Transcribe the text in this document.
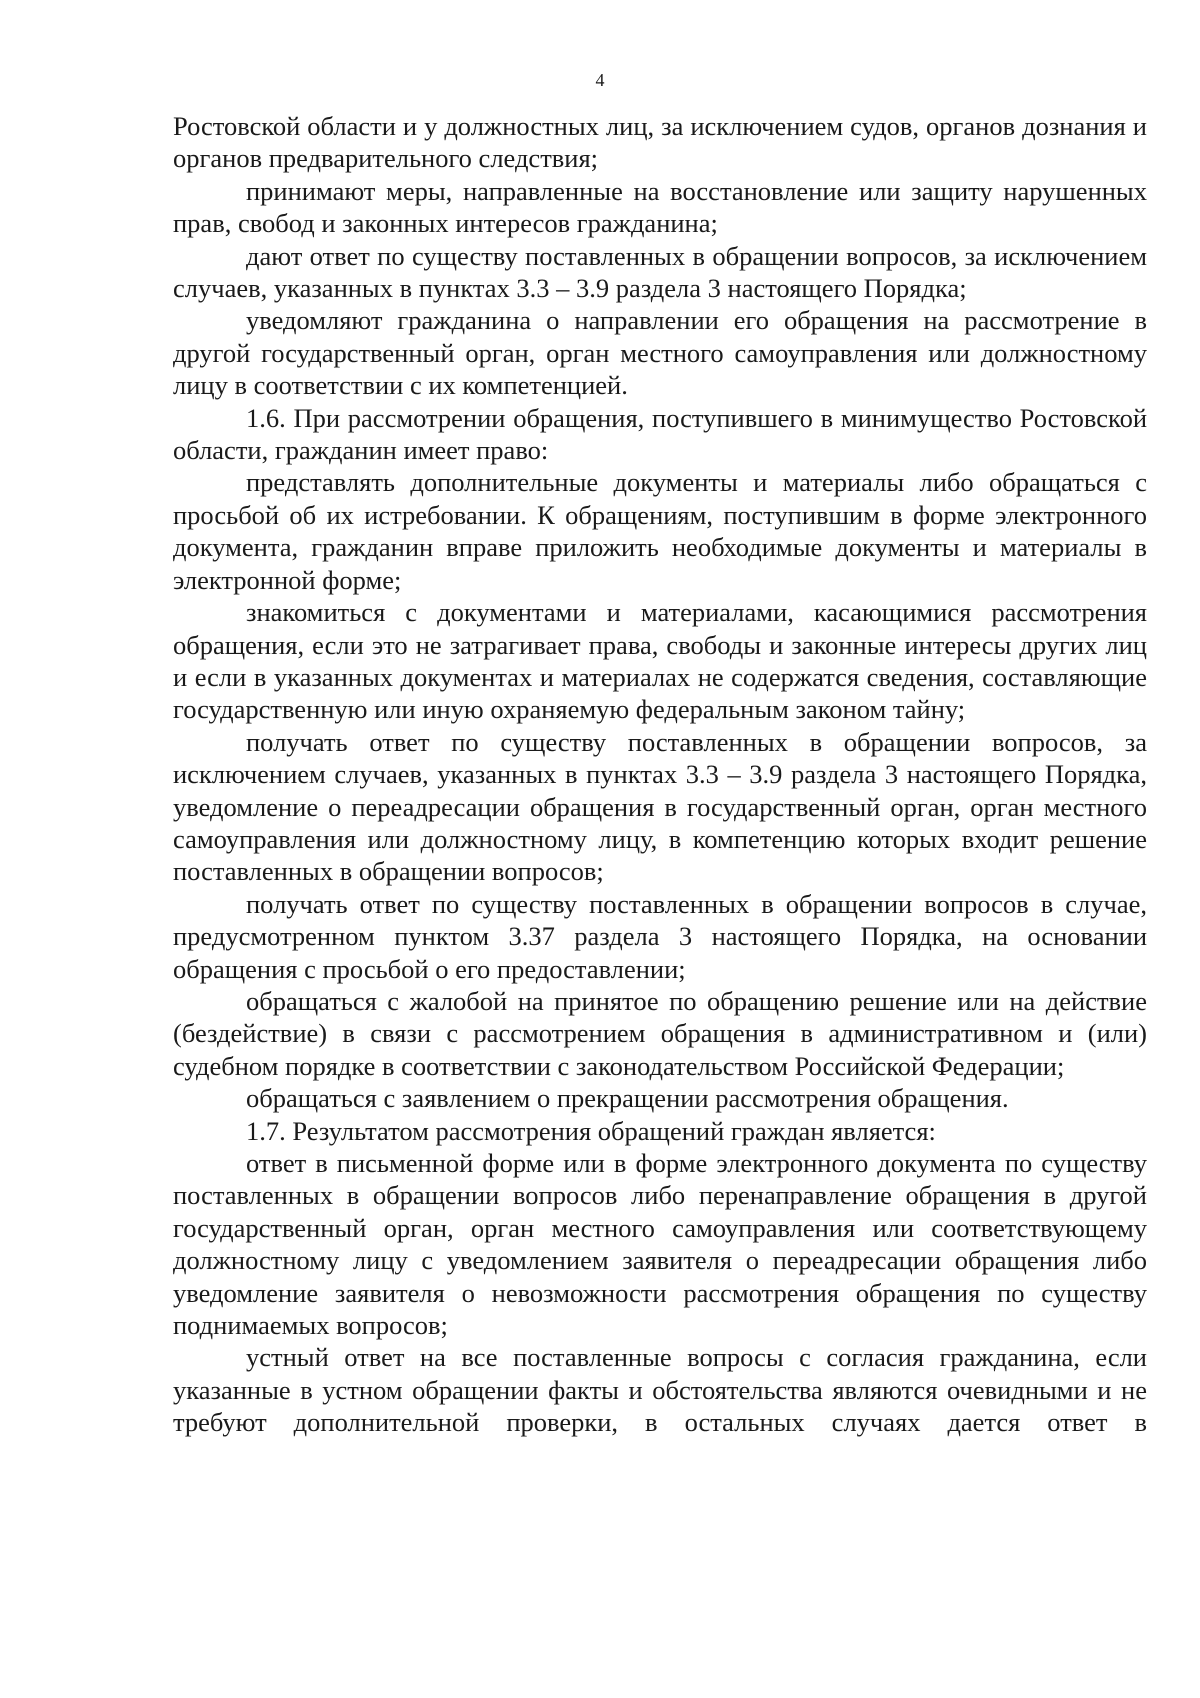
4

Ростовской области и у должностных лиц, за исключением судов, органов дознания и органов предварительного следствия;

принимают меры, направленные на восстановление или защиту нарушенных прав, свобод и законных интересов гражданина;

дают ответ по существу поставленных в обращении вопросов, за исключением случаев, указанных в пунктах 3.3 – 3.9 раздела 3 настоящего Порядка;

уведомляют гражданина о направлении его обращения на рассмотрение в другой государственный орган, орган местного самоуправления или должностному лицу в соответствии с их компетенцией.

1.6. При рассмотрении обращения, поступившего в минимущество Ростовской области, гражданин имеет право:

представлять дополнительные документы и материалы либо обращаться с просьбой об их истребовании. К обращениям, поступившим в форме электронного документа, гражданин вправе приложить необходимые документы и материалы в электронной форме;

знакомиться с документами и материалами, касающимися рассмотрения обращения, если это не затрагивает права, свободы и законные интересы других лиц и если в указанных документах и материалах не содержатся сведения, составляющие государственную или иную охраняемую федеральным законом тайну;

получать ответ по существу поставленных в обращении вопросов, за исключением случаев, указанных в пунктах 3.3 – 3.9 раздела 3 настоящего Порядка, уведомление о переадресации обращения в государственный орган, орган местного самоуправления или должностному лицу, в компетенцию которых входит решение поставленных в обращении вопросов;

получать ответ по существу поставленных в обращении вопросов в случае, предусмотренном пунктом 3.37 раздела 3 настоящего Порядка, на основании обращения с просьбой о его предоставлении;

обращаться с жалобой на принятое по обращению решение или на действие (бездействие) в связи с рассмотрением обращения в административном и (или) судебном порядке в соответствии с законодательством Российской Федерации;

обращаться с заявлением о прекращении рассмотрения обращения.

1.7. Результатом рассмотрения обращений граждан является:

ответ в письменной форме или в форме электронного документа по существу поставленных в обращении вопросов либо перенаправление обращения в другой государственный орган, орган местного самоуправления или соответствующему должностному лицу с уведомлением заявителя о переадресации обращения либо уведомление заявителя о невозможности рассмотрения обращения по существу поднимаемых вопросов;

устный ответ на все поставленные вопросы с согласия гражданина, если указанные в устном обращении факты и обстоятельства являются очевидными и не требуют дополнительной проверки, в остальных случаях дается ответ в
